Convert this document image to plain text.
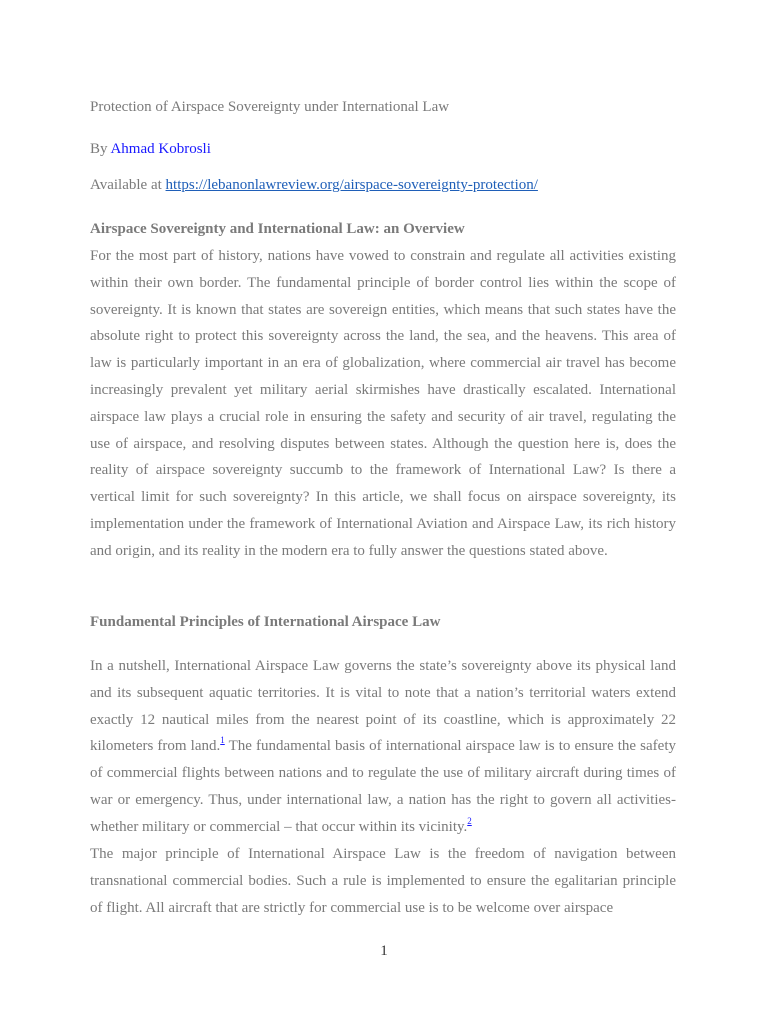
Protection of Airspace Sovereignty under International Law
By Ahmad Kobrosli
Available at https://lebanonlawreview.org/airspace-sovereignty-protection/
Airspace Sovereignty and International Law: an Overview

For the most part of history, nations have vowed to constrain and regulate all activities existing within their own border. The fundamental principle of border control lies within the scope of sovereignty. It is known that states are sovereign entities, which means that such states have the absolute right to protect this sovereignty across the land, the sea, and the heavens. This area of law is particularly important in an era of globalization, where commercial air travel has become increasingly prevalent yet military aerial skirmishes have drastically escalated. International airspace law plays a crucial role in ensuring the safety and security of air travel, regulating the use of airspace, and resolving disputes between states. Although the question here is, does the reality of airspace sovereignty succumb to the framework of International Law? Is there a vertical limit for such sovereignty? In this article, we shall focus on airspace sovereignty, its implementation under the framework of International Aviation and Airspace Law, its rich history and origin, and its reality in the modern era to fully answer the questions stated above.

Fundamental Principles of International Airspace Law

In a nutshell, International Airspace Law governs the state’s sovereignty above its physical land and its subsequent aquatic territories. It is vital to note that a nation’s territorial waters extend exactly 12 nautical miles from the nearest point of its coastline, which is approximately 22 kilometers from land.$^1$ The fundamental basis of international airspace law is to ensure the safety of commercial flights between nations and to regulate the use of military aircraft during times of war or emergency. Thus, under international law, a nation has the right to govern all activities- whether military or commercial – that occur within its vicinity.$^2$

The major principle of International Airspace Law is the freedom of navigation between transnational commercial bodies. Such a rule is implemented to ensure the egalitarian principle of flight. All aircraft that are strictly for commercial use is to be welcome over airspace

1
